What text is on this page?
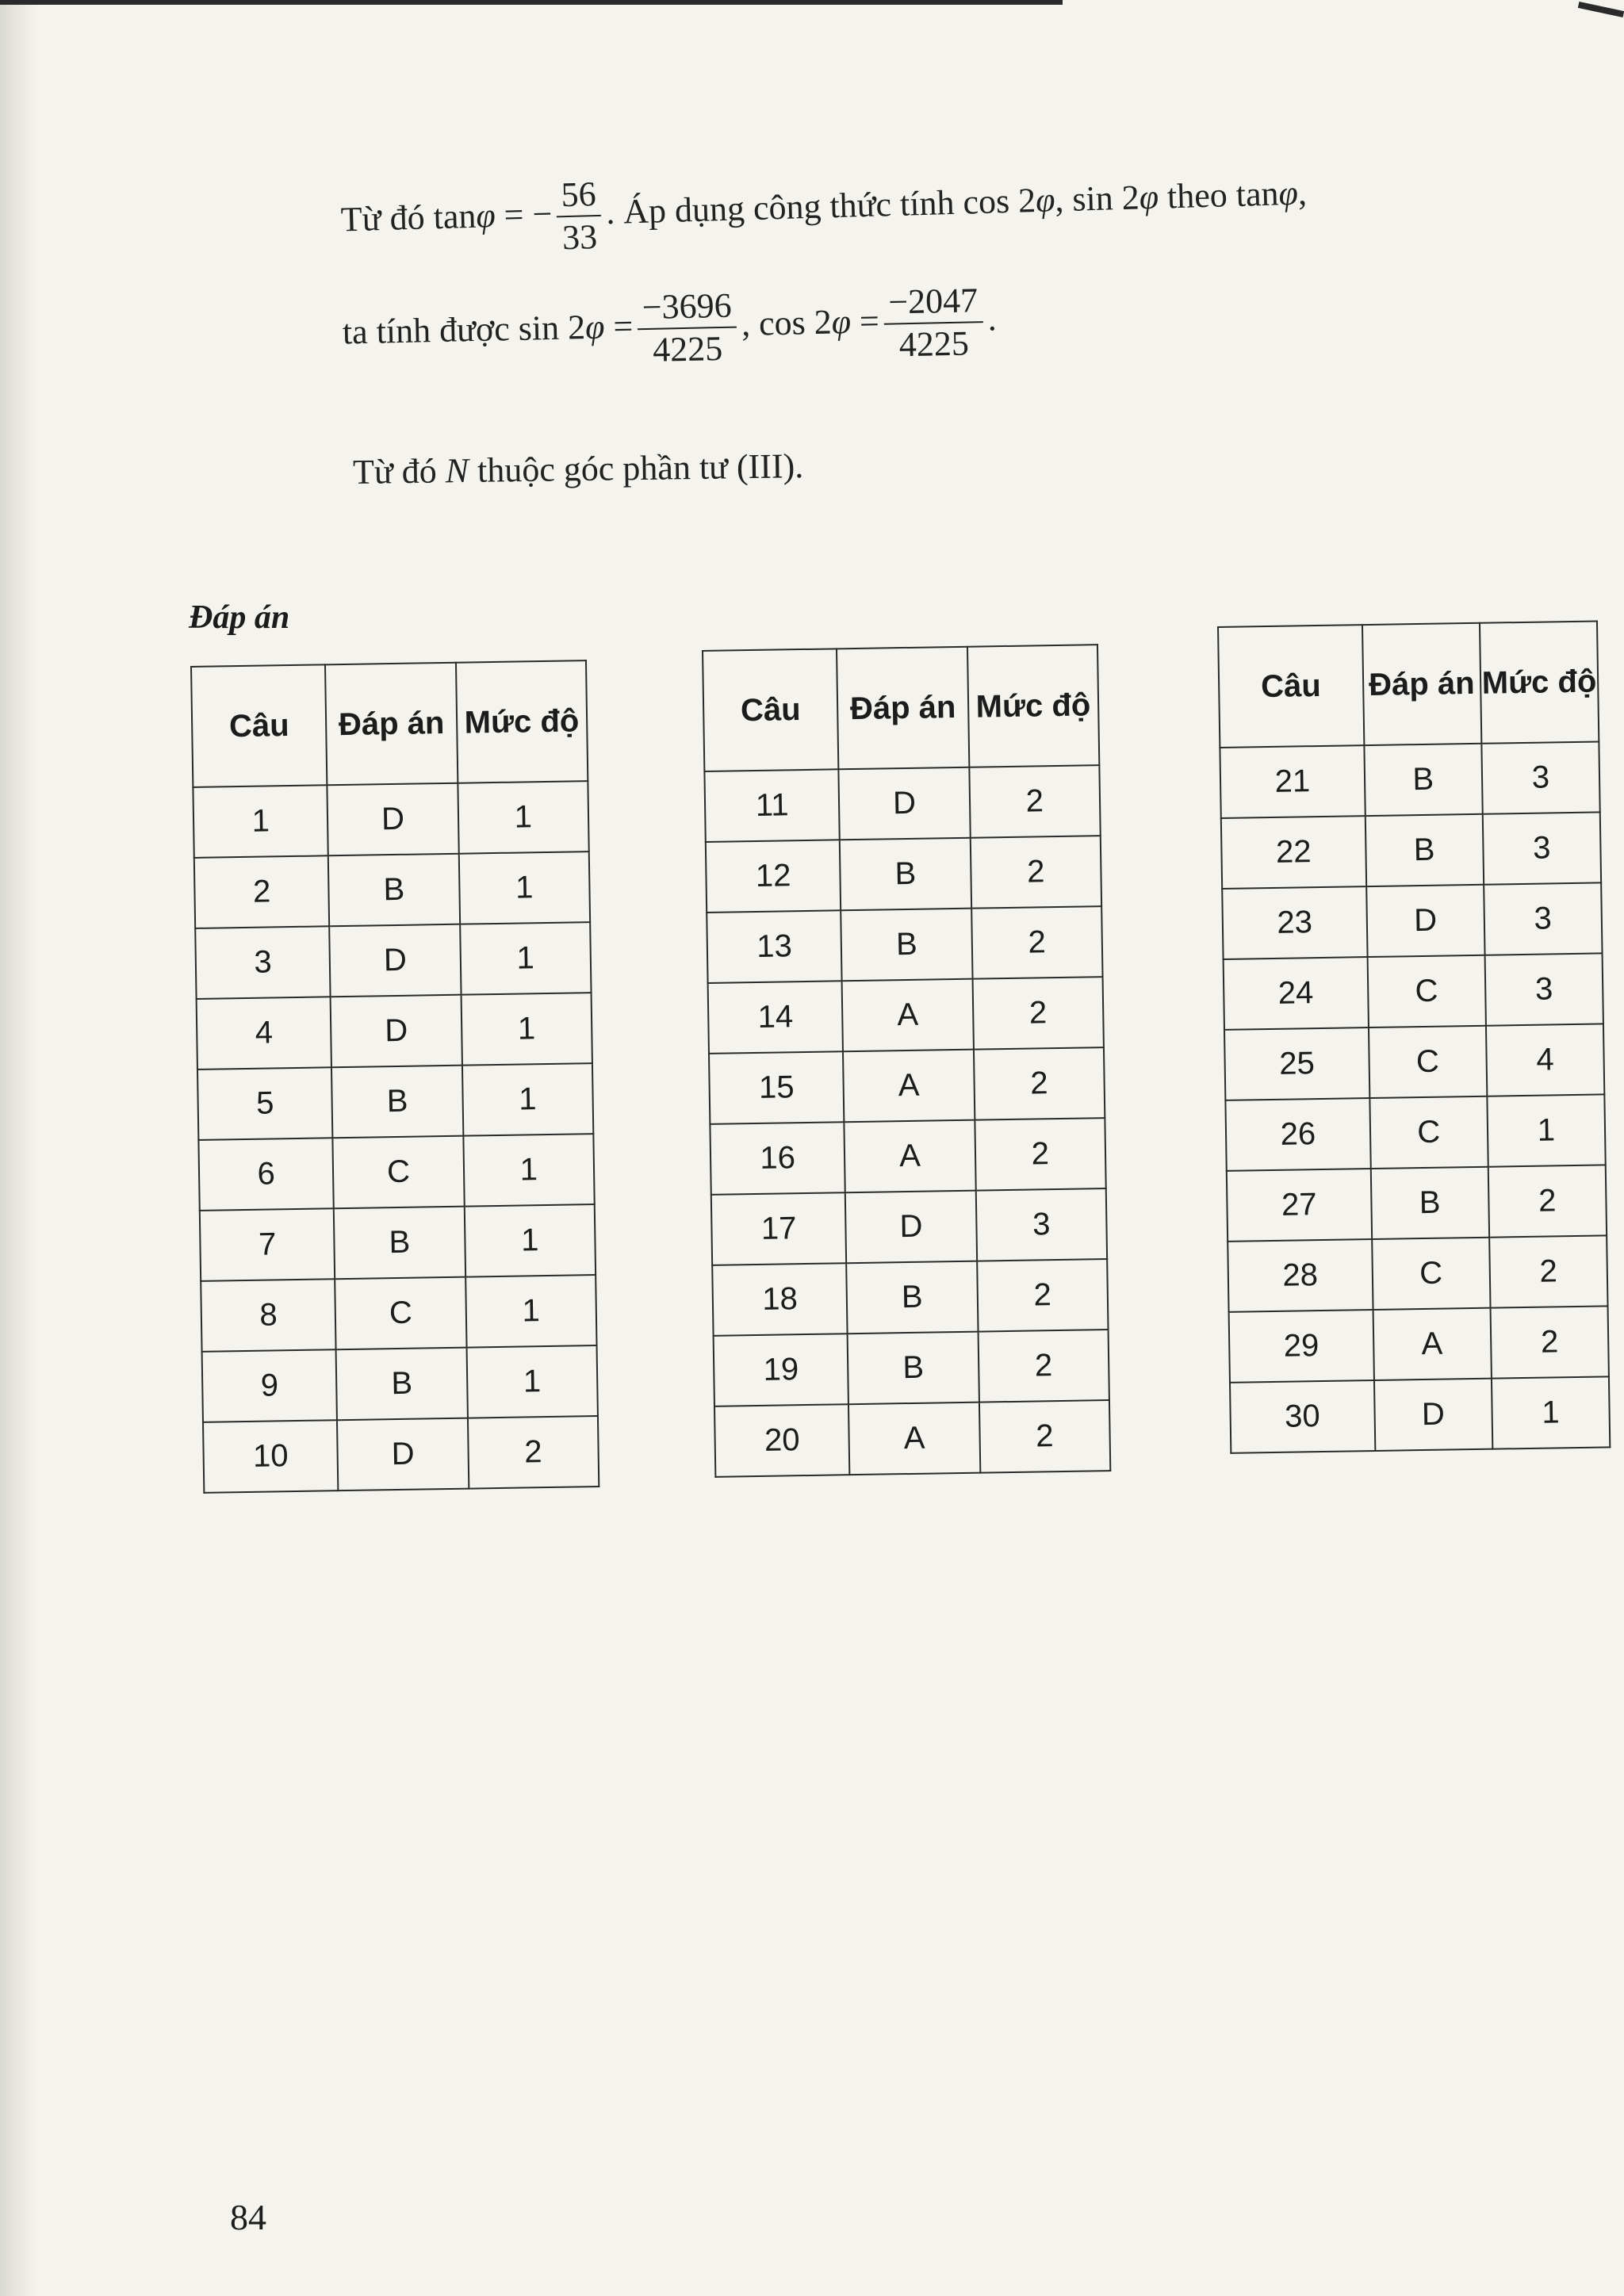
Từ đó tanφ = − $\frac{56}{33}$ . Áp dụng công thức tính cos 2φ, sin 2φ theo tanφ,
ta tính được $\sin 2\varphi = \frac{-3696}{4225}$ , $\cos 2\varphi = \frac{-2047}{4225}$ .
Từ đó N thuộc góc phần tư (III).
Đáp án
Câu	Đáp án	Mức độ
1	D	1
2	B	1
3	D	1
4	D	1
5	B	1
6	C	1
7	B	1
8	C	1
9	B	1
10	D	2
Câu	Đáp án	Mức độ
11	D	2
12	B	2
13	B	2
14	A	2
15	A	2
16	A	2
17	D	3
18	B	2
19	B	2
20	A	2
Câu	Đáp án	Mức độ
21	B	3
22	B	3
23	D	3
24	C	3
25	C	4
26	C	1
27	B	2
28	C	2
29	A	2
30	D	1
84
